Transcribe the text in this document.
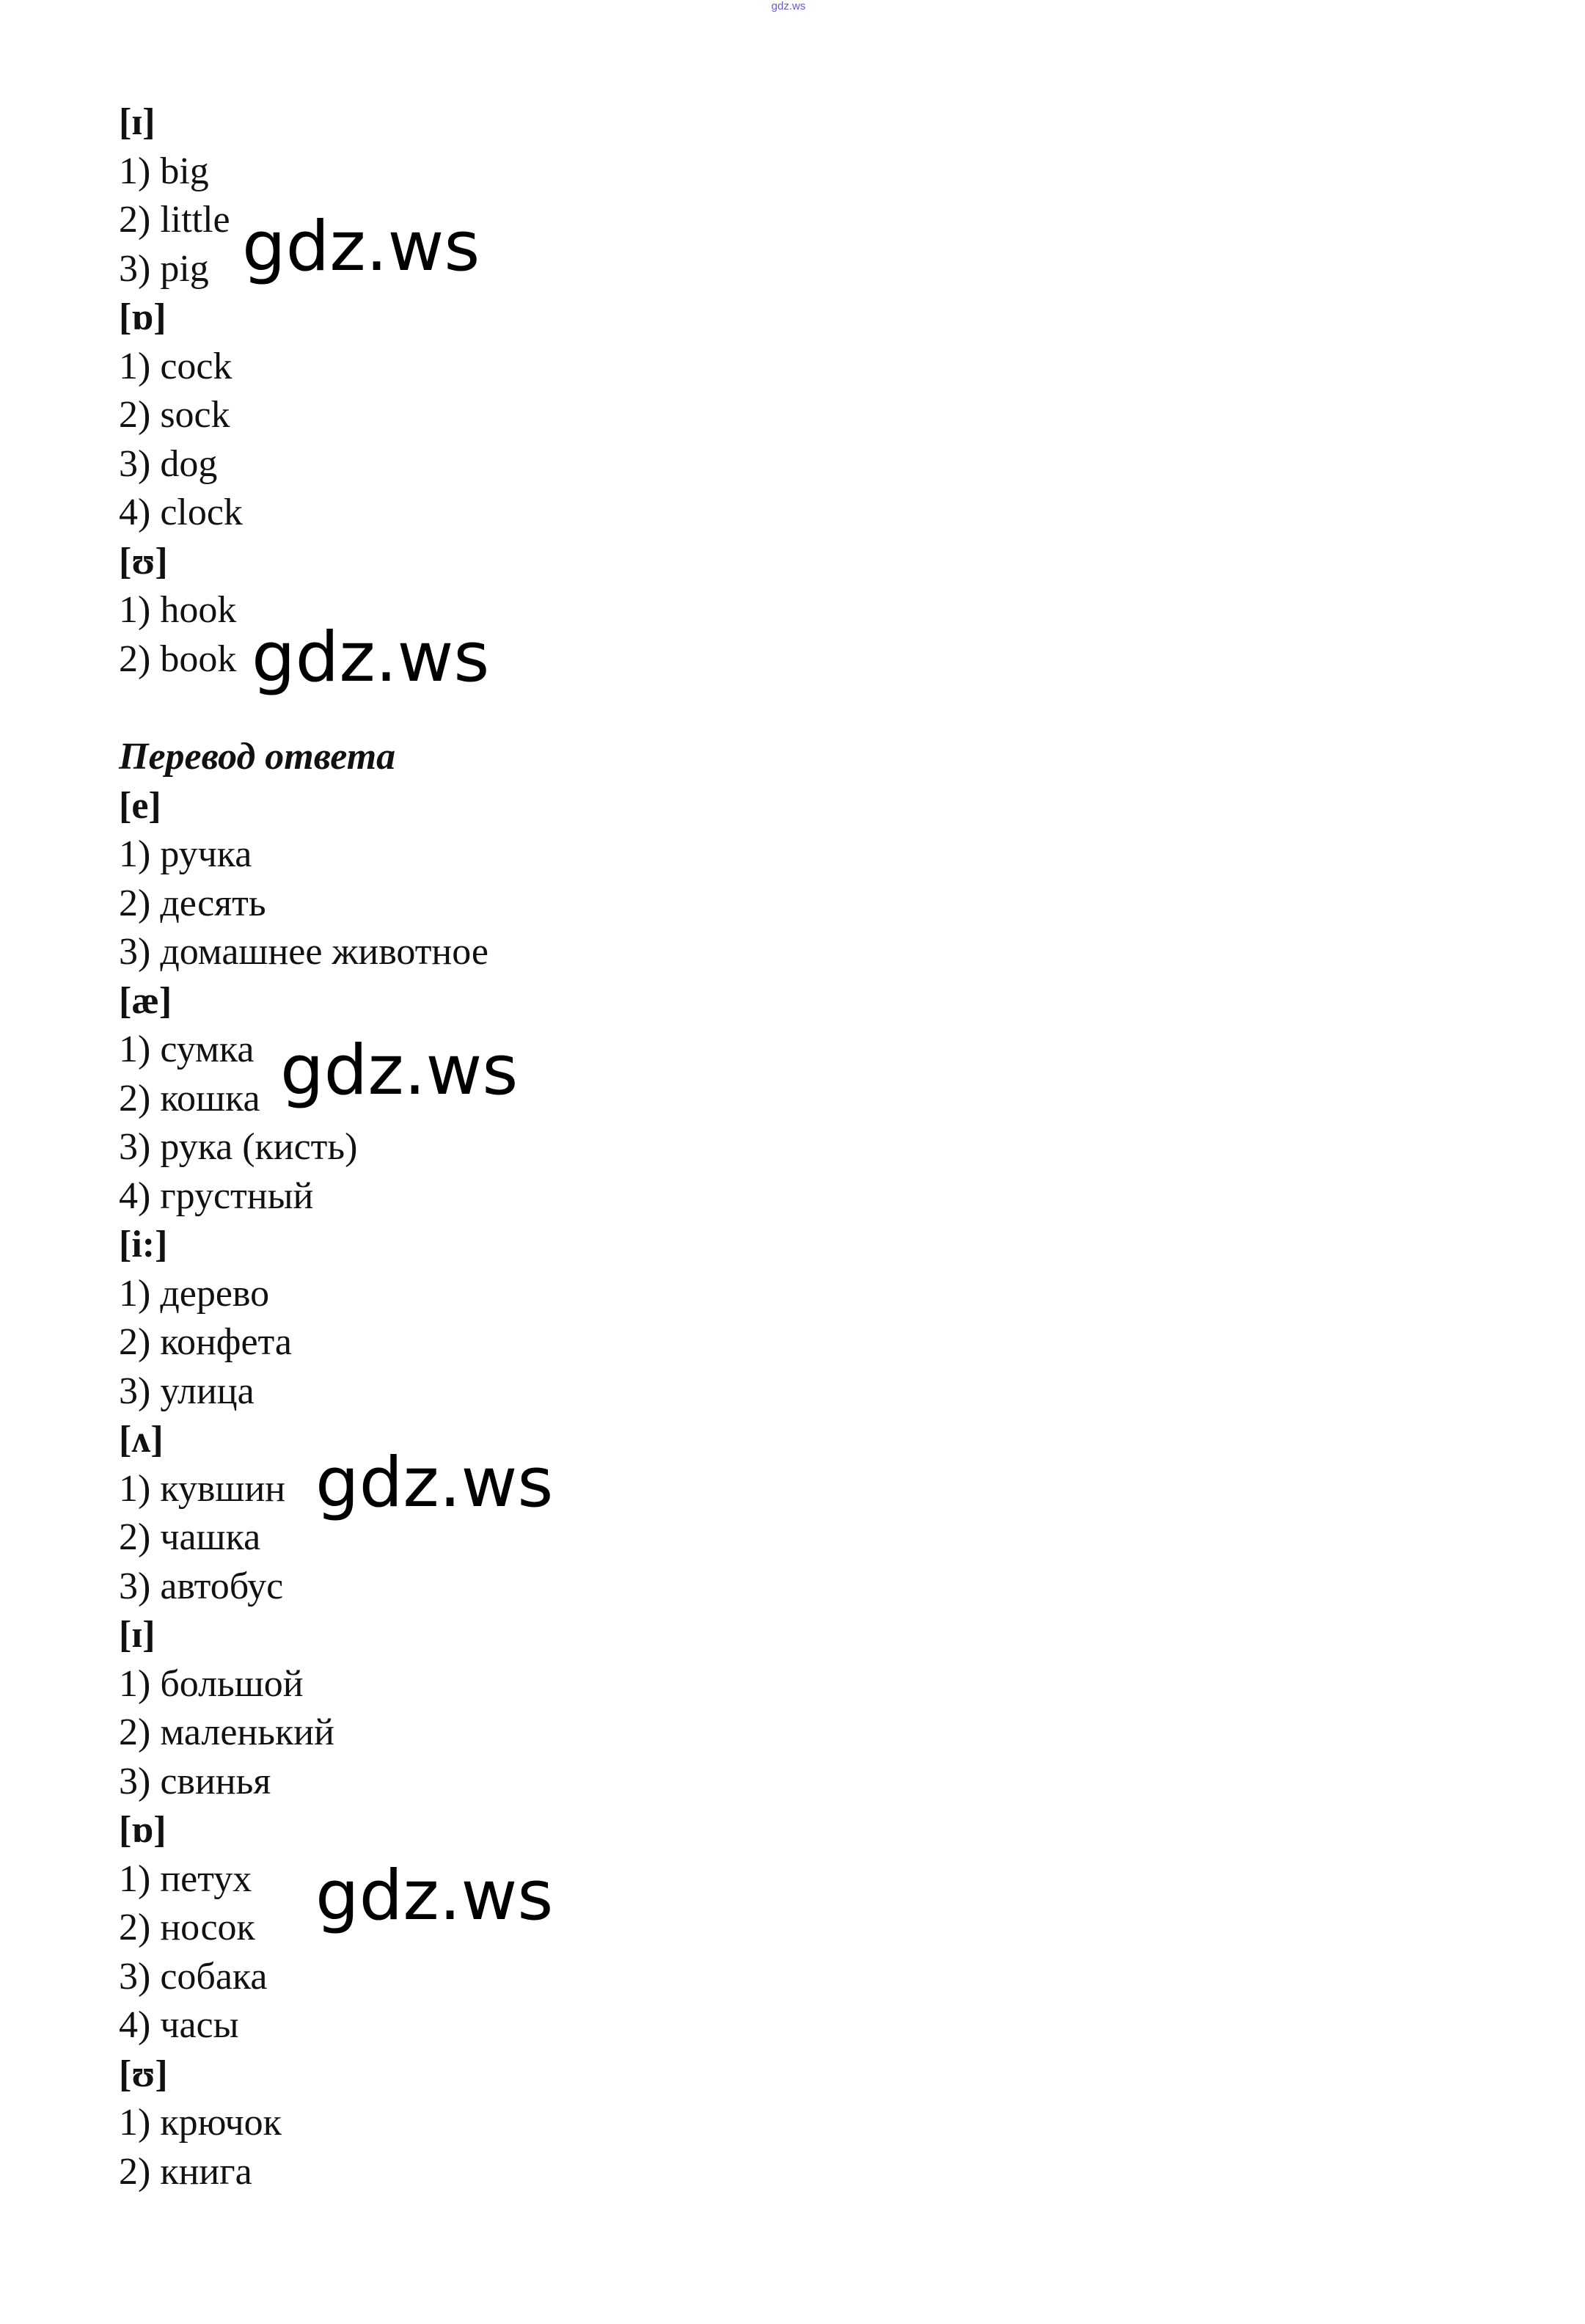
gdz.ws
[ɪ]
1) big
2) little
3) pig
[ɒ]
1) cock
2) sock
3) dog
4) clock
[ʊ]
1) hook
2) book
Перевод ответа
[e]
1) ручка
2) десять
3) домашнее животное
[æ]
1) сумка
2) кошка
3) рука (кисть)
4) грустный
[i:]
1) дерево
2) конфета
3) улица
[ʌ]
1) кувшин
2) чашка
3) автобус
[ɪ]
1) большой
2) маленький
3) свинья
[ɒ]
1) петух
2) носок
3) собака
4) часы
[ʊ]
1) крючок
2) книга
gdz.ws
gdz.ws
gdz.ws
gdz.ws
gdz.ws
